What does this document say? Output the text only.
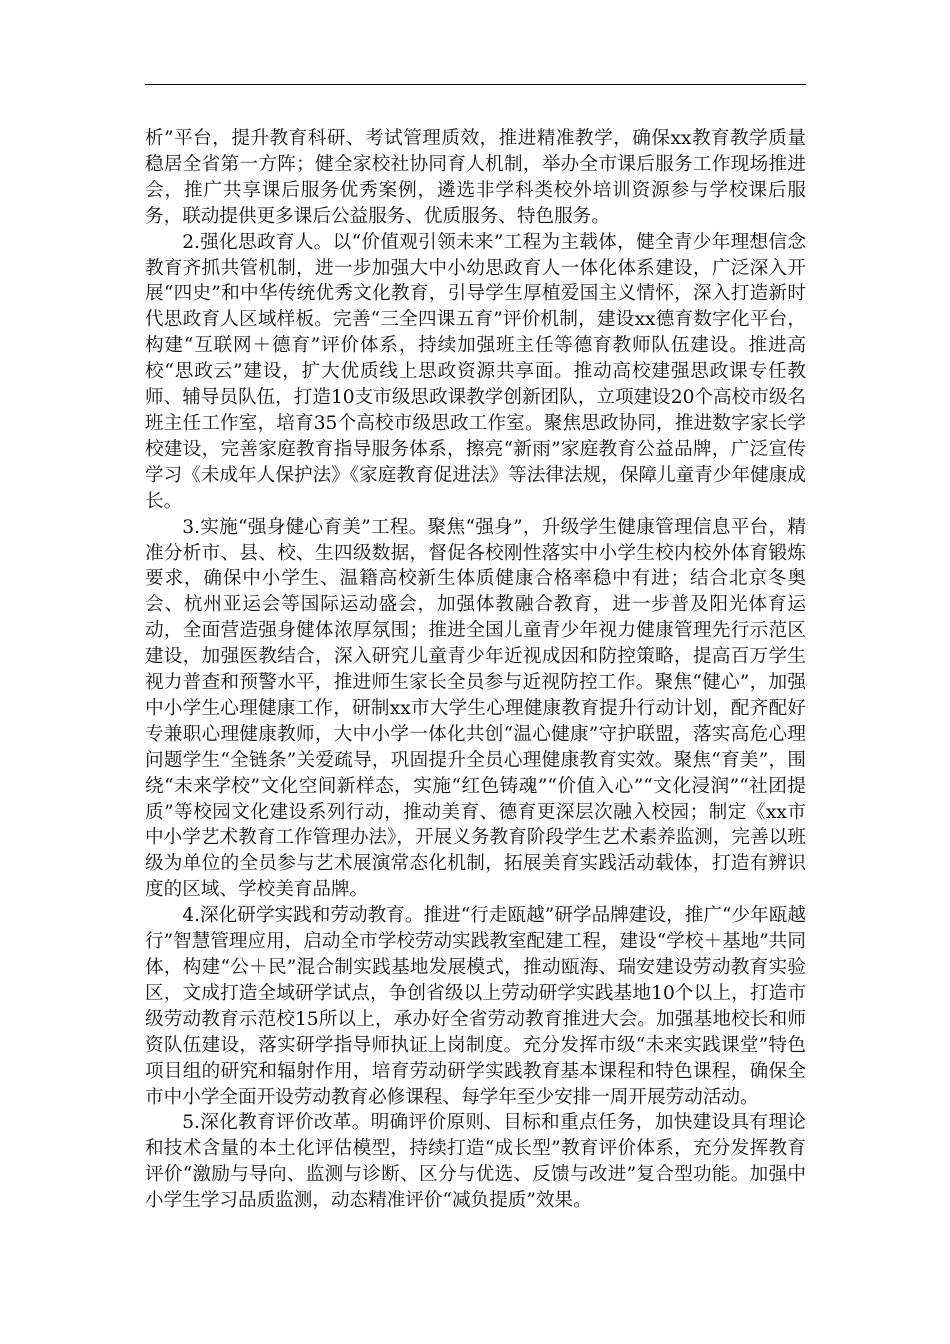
析”平台，提升教育科研、考试管理质效，推进精准教学，确保xx教育教学质量稳居全省第一方阵；健全家校社协同育人机制，举办全市课后服务工作现场推进会，推广共享课后服务优秀案例，遴选非学科类校外培训资源参与学校课后服务，联动提供更多课后公益服务、优质服务、特色服务。

2.强化思政育人。以“价值观引领未来”工程为主载体，健全青少年理想信念教育齐抓共管机制，进一步加强大中小幼思政育人一体化体系建设，广泛深入开展“四史”和中华传统优秀文化教育，引导学生厚植爱国主义情怀，深入打造新时代思政育人区域样板。完善“三全四课五育”评价机制，建设xx德育数字化平台，构建“互联网＋德育”评价体系，持续加强班主任等德育教师队伍建设。推进高校“思政云”建设，扩大优质线上思政资源共享面。推动高校建强思政课专任教师、辅导员队伍，打造10支市级思政课教学创新团队，立项建设20个高校市级名班主任工作室，培育35个高校市级思政工作室。聚焦思政协同，推进数字家长学校建设，完善家庭教育指导服务体系，擦亮“新雨”家庭教育公益品牌，广泛宣传学习《未成年人保护法》《家庭教育促进法》等法律法规，保障儿童青少年健康成长。

3.实施“强身健心育美”工程。聚焦“强身”，升级学生健康管理信息平台，精准分析市、县、校、生四级数据，督促各校刚性落实中小学生校内校外体育锻炼要求，确保中小学生、温籍高校新生体质健康合格率稳中有进；结合北京冬奥会、杭州亚运会等国际运动盛会，加强体教融合教育，进一步普及阳光体育运动，全面营造强身健体浓厚氛围；推进全国儿童青少年视力健康管理先行示范区建设，加强医教结合，深入研究儿童青少年近视成因和防控策略，提高百万学生视力普查和预警水平，推进师生家长全员参与近视防控工作。聚焦“健心”，加强中小学生心理健康工作，研制xx市大学生心理健康教育提升行动计划，配齐配好专兼职心理健康教师，大中小学一体化共创“温心健康”守护联盟，落实高危心理问题学生“全链条”关爱疏导，巩固提升全员心理健康教育实效。聚焦“育美”，围绕“未来学校”文化空间新样态，实施“红色铸魂”“价值入心”“文化浸润”“社团提质”等校园文化建设系列行动，推动美育、德育更深层次融入校园；制定《xx市中小学艺术教育工作管理办法》，开展义务教育阶段学生艺术素养监测，完善以班级为单位的全员参与艺术展演常态化机制，拓展美育实践活动载体，打造有辨识度的区域、学校美育品牌。

4.深化研学实践和劳动教育。推进“行走瓯越”研学品牌建设，推广“少年瓯越行”智慧管理应用，启动全市学校劳动实践教室配建工程，建设“学校＋基地”共同体，构建“公＋民”混合制实践基地发展模式，推动瓯海、瑞安建设劳动教育实验区，文成打造全域研学试点，争创省级以上劳动研学实践基地10个以上，打造市级劳动教育示范校15所以上，承办好全省劳动教育推进大会。加强基地校长和师资队伍建设，落实研学指导师执证上岗制度。充分发挥市级“未来实践课堂”特色项目组的研究和辐射作用，培育劳动研学实践教育基本课程和特色课程，确保全市中小学全面开设劳动教育必修课程、每学年至少安排一周开展劳动活动。

5.深化教育评价改革。明确评价原则、目标和重点任务，加快建设具有理论和技术含量的本土化评估模型，持续打造“成长型”教育评价体系，充分发挥教育评价“激励与导向、监测与诊断、区分与优选、反馈与改进”复合型功能。加强中小学生学习品质监测，动态精准评价“减负提质”效果。
